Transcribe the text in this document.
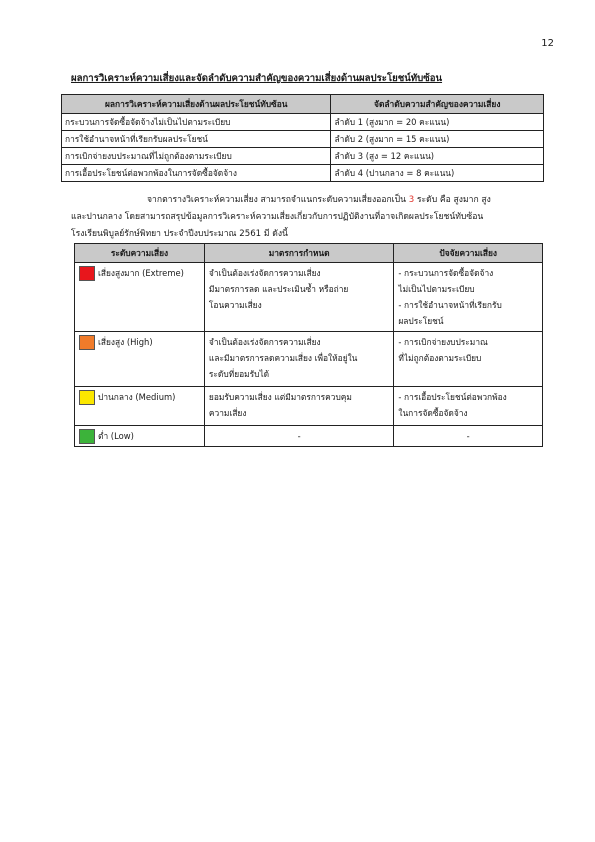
12
ผลการวิเคราะห์ความเสี่ยงและจัดลำดับความสำคัญของความเสี่ยงด้านผลประโยชน์ทับซ้อน
ผลการวิเคราะห์ความเสี่ยงด้านผลประโยชน์ทับซ้อน	จัดลำดับความสำคัญของความเสี่ยง
กระบวนการจัดซื้อจัดจ้างไม่เป็นไปตามระเบียบ	ลำดับ 1 (สูงมาก = 20 คะแนน)
การใช้อำนาจหน้าที่เรียกรับผลประโยชน์	ลำดับ 2 (สูงมาก = 15 คะแนน)
การเบิกจ่ายงบประมาณที่ไม่ถูกต้องตามระเบียบ	ลำดับ 3 (สูง = 12 คะแนน)
การเอื้อประโยชน์ต่อพวกพ้องในการจัดซื้อจัดจ้าง	ลำดับ 4 (ปานกลาง = 8 คะแนน)
จากตารางวิเคราะห์ความเสี่ยง สามารถจำแนกระดับความเสี่ยงออกเป็น 3 ระดับ คือ สูงมาก สูง
และปานกลาง โดยสามารถสรุปข้อมูลการวิเคราะห์ความเสี่ยงเกี่ยวกับการปฏิบัติงานที่อาจเกิดผลประโยชน์ทับซ้อน
โรงเรียนพิบูลย์รักษ์พิทยา ประจำปีงบประมาณ 2561 มี ดังนี้
ระดับความเสี่ยง	มาตรการกำหนด	ปัจจัยความเสี่ยง
เสี่ยงสูงมาก (Extreme)	จำเป็นต้องเร่งจัดการความเสี่ยง
มีมาตรการลด และประเมินซ้ำ หรือถ่าย
โอนความเสี่ยง	- กระบวนการจัดซื้อจัดจ้าง
ไม่เป็นไปตามระเบียบ
- การใช้อำนาจหน้าที่เรียกรับ
ผลประโยชน์

เสี่ยงสูง (High)	จำเป็นต้องเร่งจัดการความเสี่ยง
และมีมาตรการลดความเสี่ยง เพื่อให้อยู่ใน
ระดับที่ยอมรับได้	- การเบิกจ่ายงบประมาณ
ที่ไม่ถูกต้องตามระเบียบ

ปานกลาง (Medium)	ยอมรับความเสี่ยง แต่มีมาตรการควบคุม
ความเสี่ยง	- การเอื้อประโยชน์ต่อพวกพ้อง
ในการจัดซื้อจัดจ้าง

ต่ำ (Low)	-	-
